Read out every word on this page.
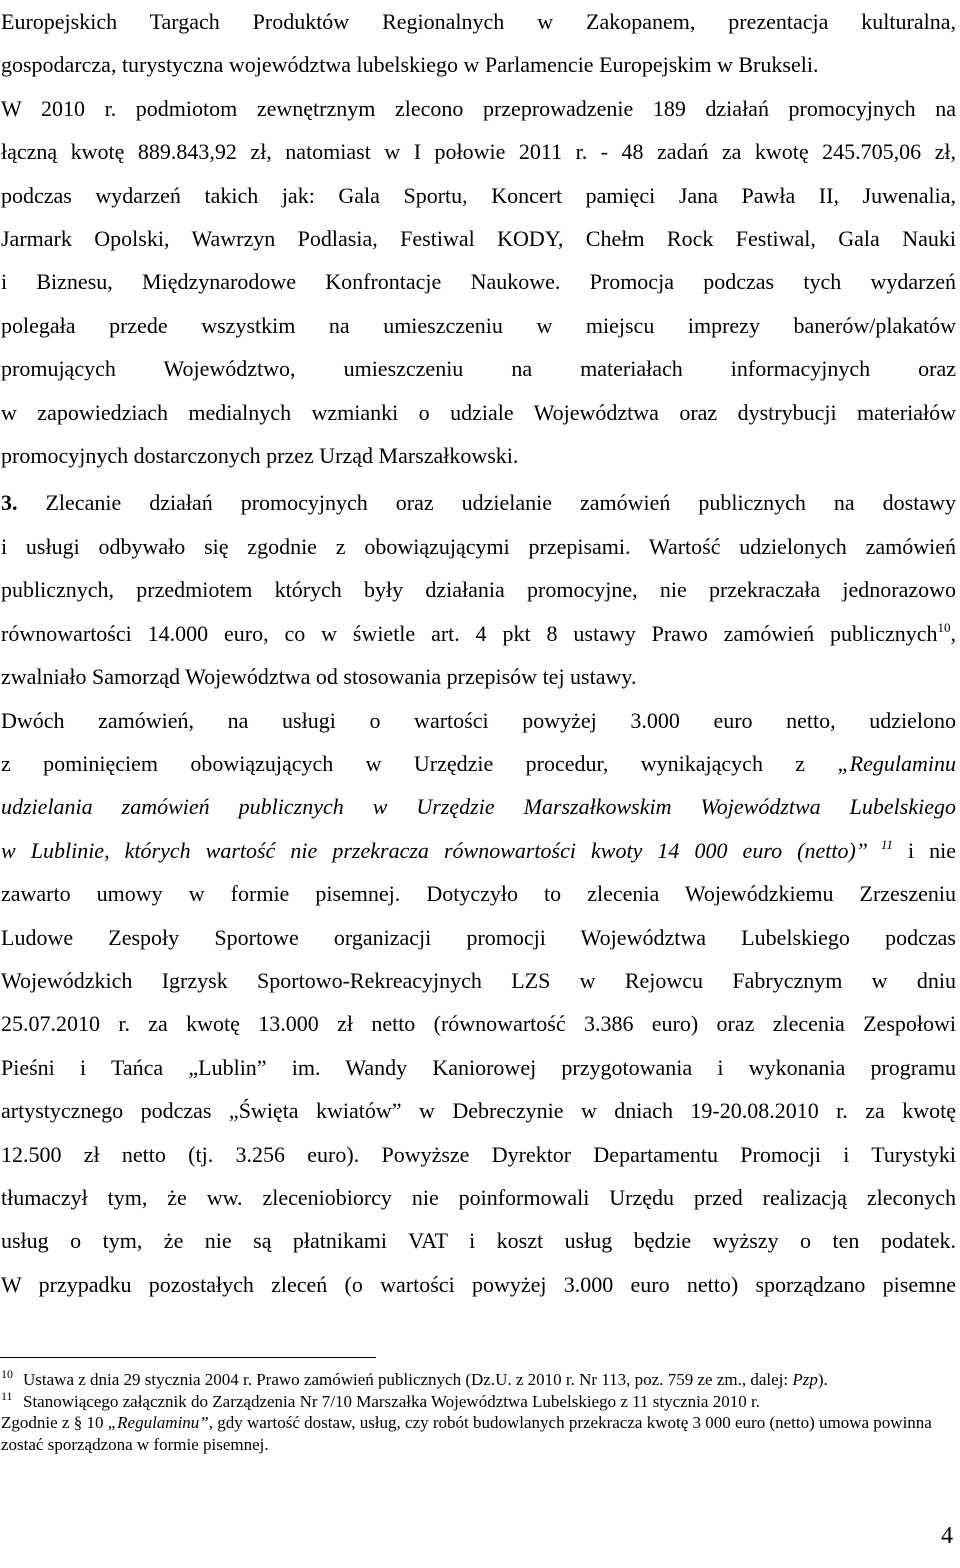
Europejskich Targach Produktów Regionalnych w Zakopanem, prezentacja kulturalna,
gospodarcza, turystyczna województwa lubelskiego w Parlamencie Europejskim w Brukseli.
W 2010 r. podmiotom zewnętrznym zlecono przeprowadzenie 189 działań promocyjnych na
łączną kwotę 889.843,92 zł, natomiast w I połowie 2011 r. - 48 zadań za kwotę 245.705,06 zł,
podczas wydarzeń takich jak: Gala Sportu, Koncert pamięci Jana Pawła II, Juwenalia,
Jarmark Opolski, Wawrzyn Podlasia, Festiwal KODY, Chełm Rock Festiwal, Gala Nauki
i Biznesu, Międzynarodowe Konfrontacje Naukowe. Promocja podczas tych wydarzeń
polegała przede wszystkim na umieszczeniu w miejscu imprezy banerów/plakatów
promujących Województwo, umieszczeniu na materiałach informacyjnych oraz
w zapowiedziach medialnych wzmianki o udziale Województwa oraz dystrybucji materiałów
promocyjnych dostarczonych przez Urząd Marszałkowski.

3. Zlecanie działań promocyjnych oraz udzielanie zamówień publicznych na dostawy
i usługi odbywało się zgodnie z obowiązującymi przepisami. Wartość udzielonych zamówień
publicznych, przedmiotem których były działania promocyjne, nie przekraczała jednorazowo
równowartości 14.000 euro, co w świetle art. 4 pkt 8 ustawy Prawo zamówień publicznych$^{10}$,
zwalniało Samorząd Województwa od stosowania przepisów tej ustawy.

Dwóch zamówień, na usługi o wartości powyżej 3.000 euro netto, udzielono
z pominięciem obowiązujących w Urzędzie procedur, wynikających z „Regulaminu
udzielania zamówień publicznych w Urzędzie Marszałkowskim Województwa Lubelskiego
w Lublinie, których wartość nie przekracza równowartości kwoty 14 000 euro (netto)” $^{11}$ i nie
zawarto umowy w formie pisemnej. Dotyczyło to zlecenia Wojewódzkiemu Zrzeszeniu
Ludowe Zespoły Sportowe organizacji promocji Województwa Lubelskiego podczas
Wojewódzkich Igrzysk Sportowo-Rekreacyjnych LZS w Rejowcu Fabrycznym w dniu
25.07.2010 r. za kwotę 13.000 zł netto (równowartość 3.386 euro) oraz zlecenia Zespołowi
Pieśni i Tańca „Lublin” im. Wandy Kaniorowej przygotowania i wykonania programu
artystycznego podczas „Święta kwiatów” w Debreczynie w dniach 19-20.08.2010 r. za kwotę
12.500 zł netto (tj. 3.256 euro). Powyższe Dyrektor Departamentu Promocji i Turystyki
tłumaczył tym, że ww. zleceniobiorcy nie poinformowali Urzędu przed realizacją zleconych
usług o tym, że nie są płatnikami VAT i koszt usług będzie wyższy o ten podatek.
W przypadku pozostałych zleceń (o wartości powyżej 3.000 euro netto) sporządzano pisemne

10 Ustawa z dnia 29 stycznia 2004 r. Prawo zamówień publicznych (Dz.U. z 2010 r. Nr 113, poz. 759 ze zm., dalej: Pzp).

11 Stanowiącego załącznik do Zarządzenia Nr 7/10 Marszałka Województwa Lubelskiego z 11 stycznia 2010 r.

Zgodnie z § 10 „Regulaminu”, gdy wartość dostaw, usług, czy robót budowlanych przekracza kwotę 3 000 euro (netto) umowa powinna zostać sporządzona w formie pisemnej.

4
